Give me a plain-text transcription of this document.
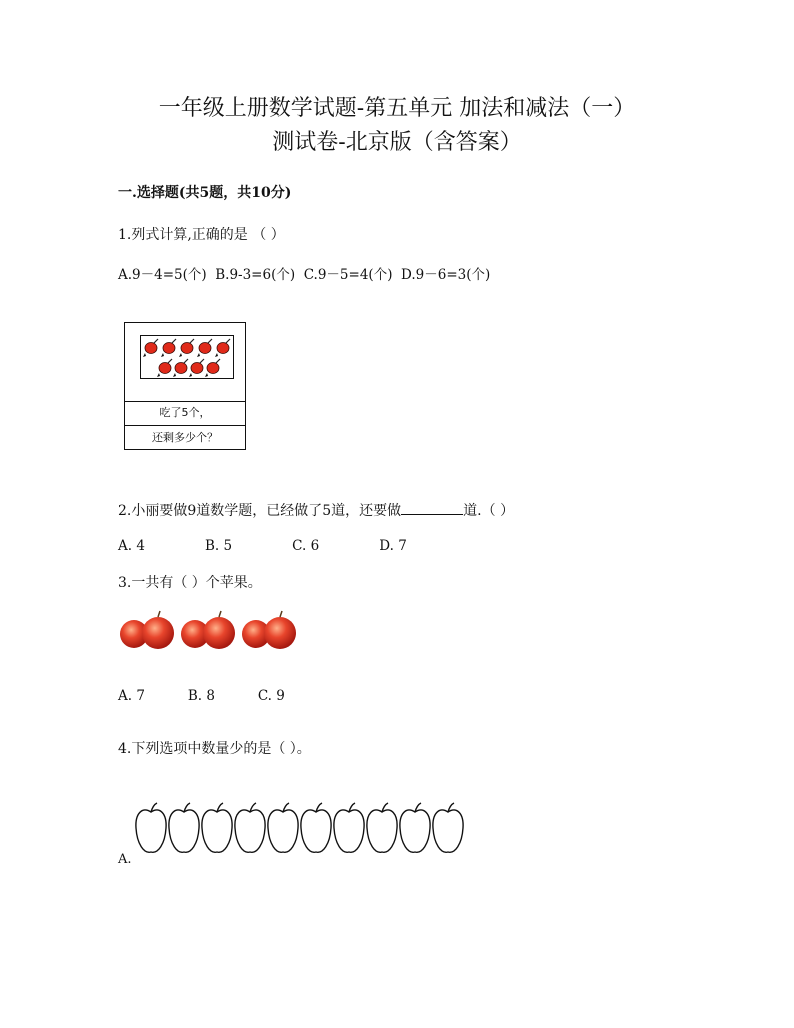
一年级上册数学试题-第五单元 加法和减法（一）
测试卷-北京版（含答案）
一.选择题(共5题，共10分)
1.列式计算,正确的是 （ ）
A.9－4=5(个)  B.9-3=6(个)  C.9－5=4(个)  D.9－6=3(个)
吃了5个，
还剩多少个？
2.小丽要做9道数学题，已经做了5道，还要做	道.（ ）
A. 4              B. 5              C. 6              D. 7
3.一共有（ ）个苹果。
A. 7          B. 8          C. 9
4.下列选项中数量少的是（ ）。
A.
